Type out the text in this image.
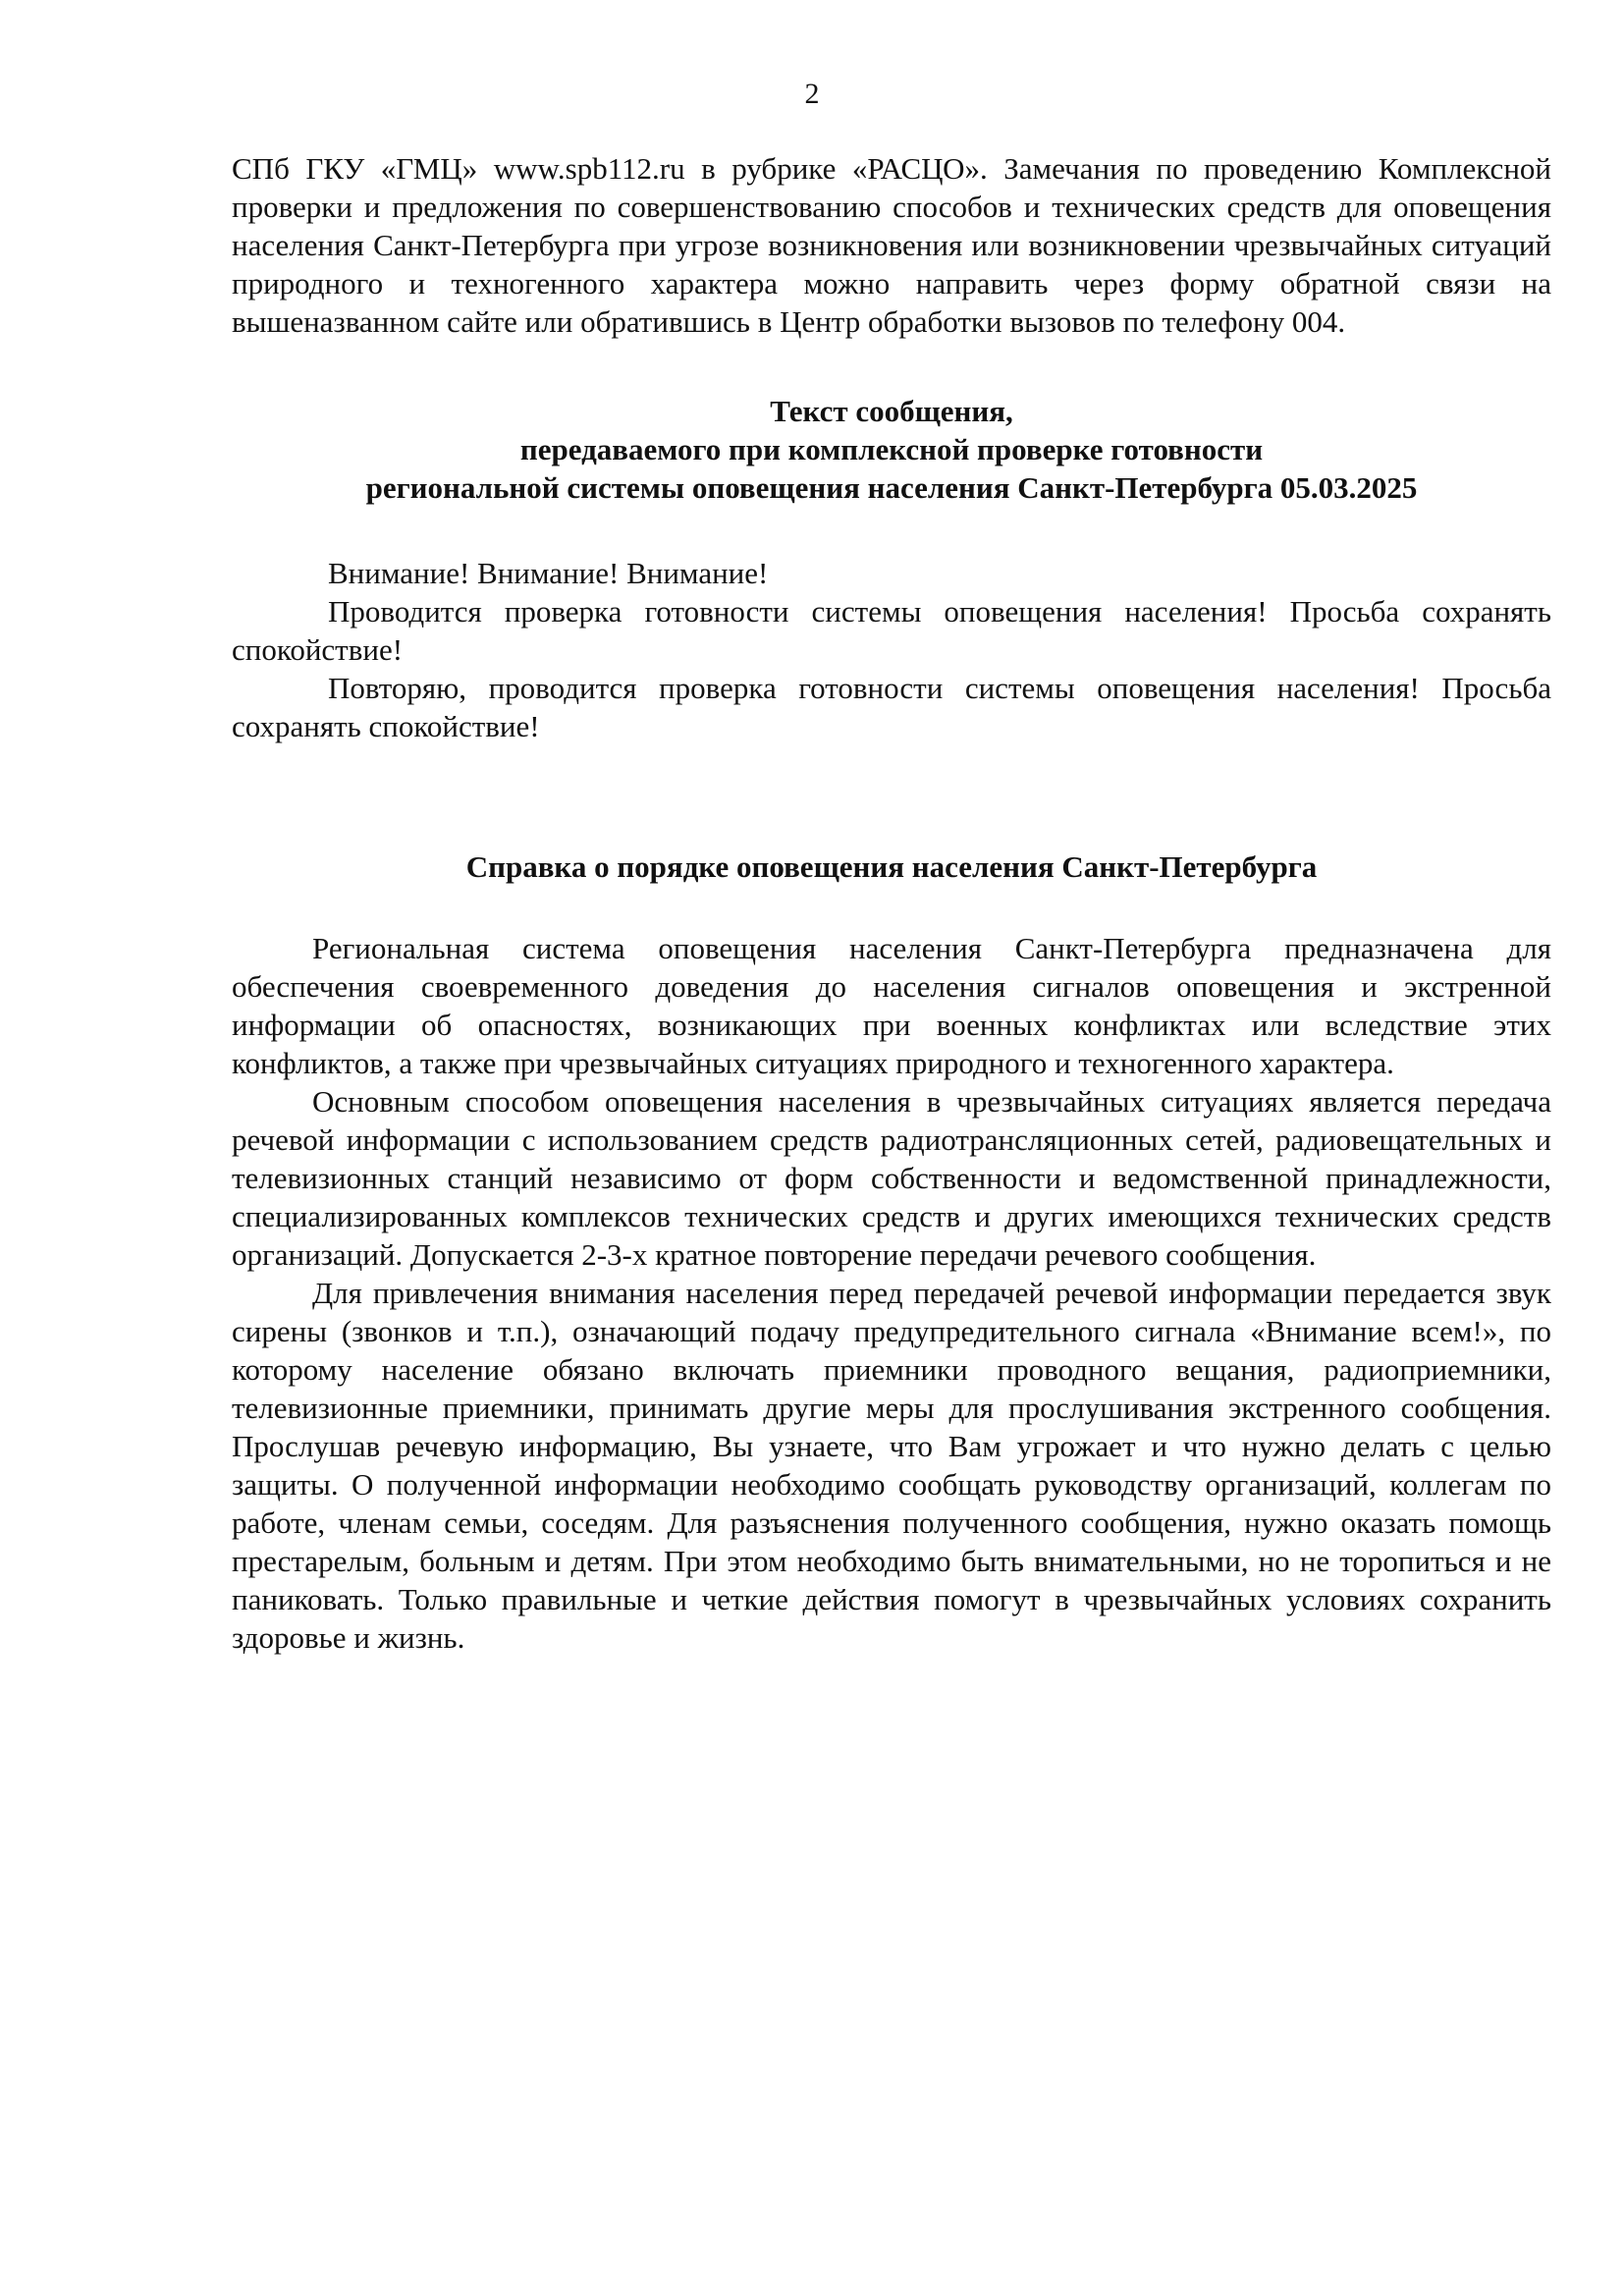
2

СПб ГКУ «ГМЦ» www.spb112.ru в рубрике «РАСЦО». Замечания по проведению Комплексной проверки и предложения по совершенствованию способов и технических средств для оповещения населения Санкт-Петербурга при угрозе возникновения или возникновении чрезвычайных ситуаций природного и техногенного характера можно направить через форму обратной связи на вышеназванном сайте или обратившись в Центр обработки вызовов по телефону 004.

Текст сообщения,
передаваемого при комплексной проверке готовности
региональной системы оповещения населения Санкт-Петербурга 05.03.2025

Внимание! Внимание! Внимание!

Проводится проверка готовности системы оповещения населения! Просьба сохранять спокойствие!

Повторяю, проводится проверка готовности системы оповещения населения! Просьба сохранять спокойствие!

Справка о порядке оповещения населения Санкт-Петербурга

Региональная система оповещения населения Санкт-Петербурга предназначена для обеспечения своевременного доведения до населения сигналов оповещения и экстренной информации об опасностях, возникающих при военных конфликтах или вследствие этих конфликтов, а также при чрезвычайных ситуациях природного и техногенного характера.

Основным способом оповещения населения в чрезвычайных ситуациях является передача речевой информации с использованием средств радиотрансляционных сетей, радиовещательных и телевизионных станций независимо от форм собственности и ведомственной принадлежности, специализированных комплексов технических средств и других имеющихся технических средств организаций. Допускается 2-3-х кратное повторение передачи речевого сообщения.

Для привлечения внимания населения перед передачей речевой информации передается звук сирены (звонков и т.п.), означающий подачу предупредительного сигнала «Внимание всем!», по которому население обязано включать приемники проводного вещания, радиоприемники, телевизионные приемники, принимать другие меры для прослушивания экстренного сообщения. Прослушав речевую информацию, Вы узнаете, что Вам угрожает и что нужно делать с целью защиты. О полученной информации необходимо сообщать руководству организаций, коллегам по работе, членам семьи, соседям. Для разъяснения полученного сообщения, нужно оказать помощь престарелым, больным и детям. При этом необходимо быть внимательными, но не торопиться и не паниковать. Только правильные и четкие действия помогут в чрезвычайных условиях сохранить здоровье и жизнь.
